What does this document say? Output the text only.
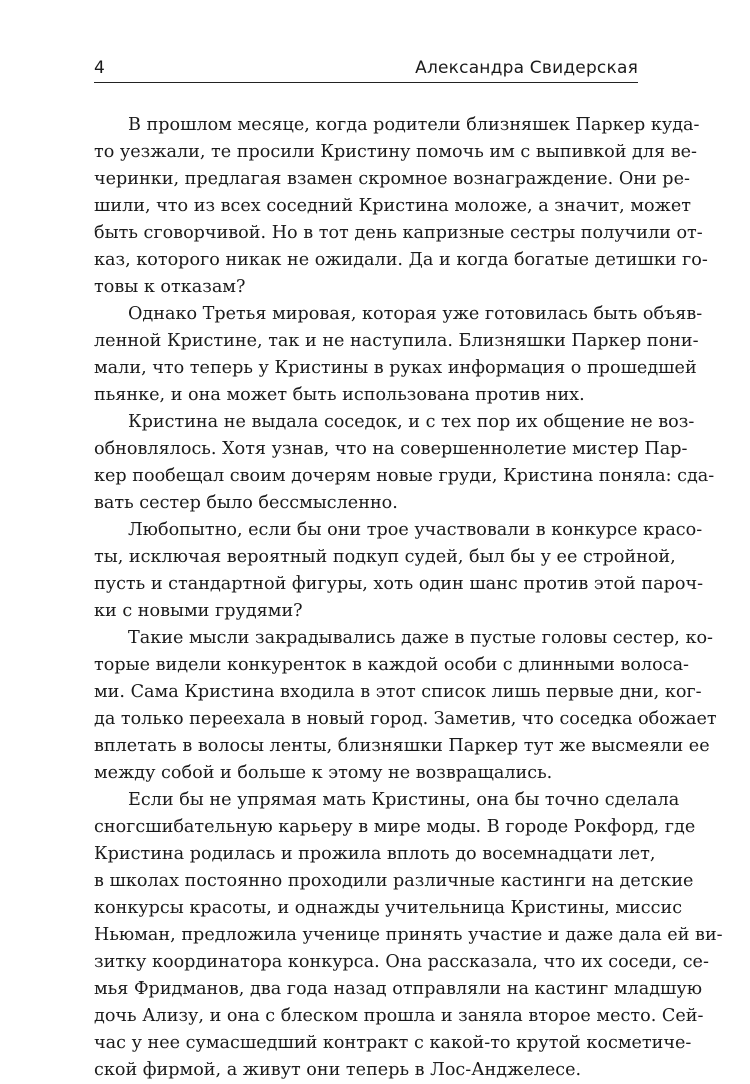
4	Александра Свидерская

В прошлом месяце, когда родители близняшек Паркер куда-
то уезжали, те просили Кристину помочь им с выпивкой для ве-
черинки, предлагая взамен скромное вознаграждение. Они ре-
шили, что из всех соседний Кристина моложе, а значит, может
быть сговорчивой. Но в тот день капризные сестры получили от-
каз, которого никак не ожидали. Да и когда богатые детишки го-
товы к отказам?

Однако Третья мировая, которая уже готовилась быть объяв-
ленной Кристине, так и не наступила. Близняшки Паркер пони-
мали, что теперь у Кристины в руках информация о прошедшей
пьянке, и она может быть использована против них.

Кристина не выдала соседок, и с тех пор их общение не воз-
обновлялось. Хотя узнав, что на совершеннолетие мистер Пар-
кер пообещал своим дочерям новые груди, Кристина поняла: сда-
вать сестер было бессмысленно.

Любопытно, если бы они трое участвовали в конкурсе красо-
ты, исключая вероятный подкуп судей, был бы у ее стройной,
пусть и стандартной фигуры, хоть один шанс против этой пароч-
ки с новыми грудями?

Такие мысли закрадывались даже в пустые головы сестер, ко-
торые видели конкуренток в каждой особи с длинными волоса-
ми. Сама Кристина входила в этот список лишь первые дни, ког-
да только переехала в новый город. Заметив, что соседка обожает
вплетать в волосы ленты, близняшки Паркер тут же высмеяли ее
между собой и больше к этому не возвращались.

Если бы не упрямая мать Кристины, она бы точно сделала
сногсшибательную карьеру в мире моды. В городе Рокфорд, где
Кристина родилась и прожила вплоть до восемнадцати лет,
в школах постоянно проходили различные кастинги на детские
конкурсы красоты, и однажды учительница Кристины, миссис
Ньюман, предложила ученице принять участие и даже дала ей ви-
зитку координатора конкурса. Она рассказала, что их соседи, се-
мья Фридманов, два года назад отправляли на кастинг младшую
дочь Ализу, и она с блеском прошла и заняла второе место. Сей-
час у нее сумасшедший контракт с какой-то крутой косметиче-
ской фирмой, а живут они теперь в Лос-Анджелесе.
